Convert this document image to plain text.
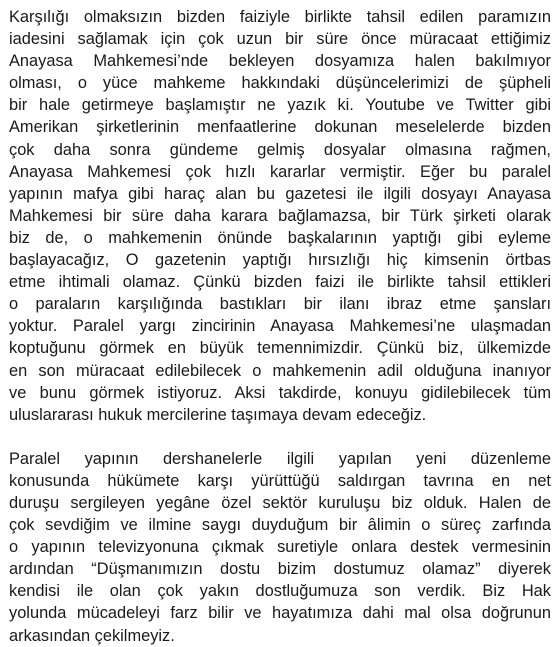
Karşılığı olmaksızın bizden faiziyle birlikte tahsil edilen paramızın
iadesini sağlamak için çok uzun bir süre önce müracaat ettiğimiz
Anayasa Mahkemesi’nde bekleyen dosyamıza halen bakılmıyor
olması, o yüce mahkeme hakkındaki düşüncelerimizi de şüpheli
bir hale getirmeye başlamıştır ne yazık ki. Youtube ve Twitter gibi
Amerikan şirketlerinin menfaatlerine dokunan meselelerde bizden
çok daha sonra gündeme gelmiş dosyalar olmasına rağmen,
Anayasa Mahkemesi çok hızlı kararlar vermiştir. Eğer bu paralel
yapının mafya gibi haraç alan bu gazetesi ile ilgili dosyayı Anayasa
Mahkemesi bir süre daha karara bağlamazsa, bir Türk şirketi olarak
biz de, o mahkemenin önünde başkalarının yaptığı gibi eyleme
başlayacağız, O gazetenin yaptığı hırsızlığı hiç kimsenin örtbas
etme ihtimali olamaz. Çünkü bizden faizi ile birlikte tahsil ettikleri
o paraların karşılığında bastıkları bir ilanı ibraz etme şansları
yoktur. Paralel yargı zincirinin Anayasa Mahkemesi’ne ulaşmadan
koptuğunu görmek en büyük temennimizdir. Çünkü biz, ülkemizde
en son müracaat edilebilecek o mahkemenin adil olduğuna inanıyor
ve bunu görmek istiyoruz. Aksi takdirde, konuyu gidilebilecek tüm
uluslararası hukuk mercilerine taşımaya devam edeceğiz.
Paralel yapının dershanelerle ilgili yapılan yeni düzenleme
konusunda hükümete karşı yürüttüğü saldırgan tavrına en net
duruşu sergileyen yegâne özel sektör kuruluşu biz olduk. Halen de
çok sevdiğim ve ilmine saygı duyduğum bir âlimin o süreç zarfında
o yapının televizyonuna çıkmak suretiyle onlara destek vermesinin
ardından “Düşmanımızın dostu bizim dostumuz olamaz” diyerek
kendisi ile olan çok yakın dostluğumuza son verdik. Biz Hak
yolunda mücadeleyi farz bilir ve hayatımıza dahi mal olsa doğrunun
arkasından çekilmeyiz.
